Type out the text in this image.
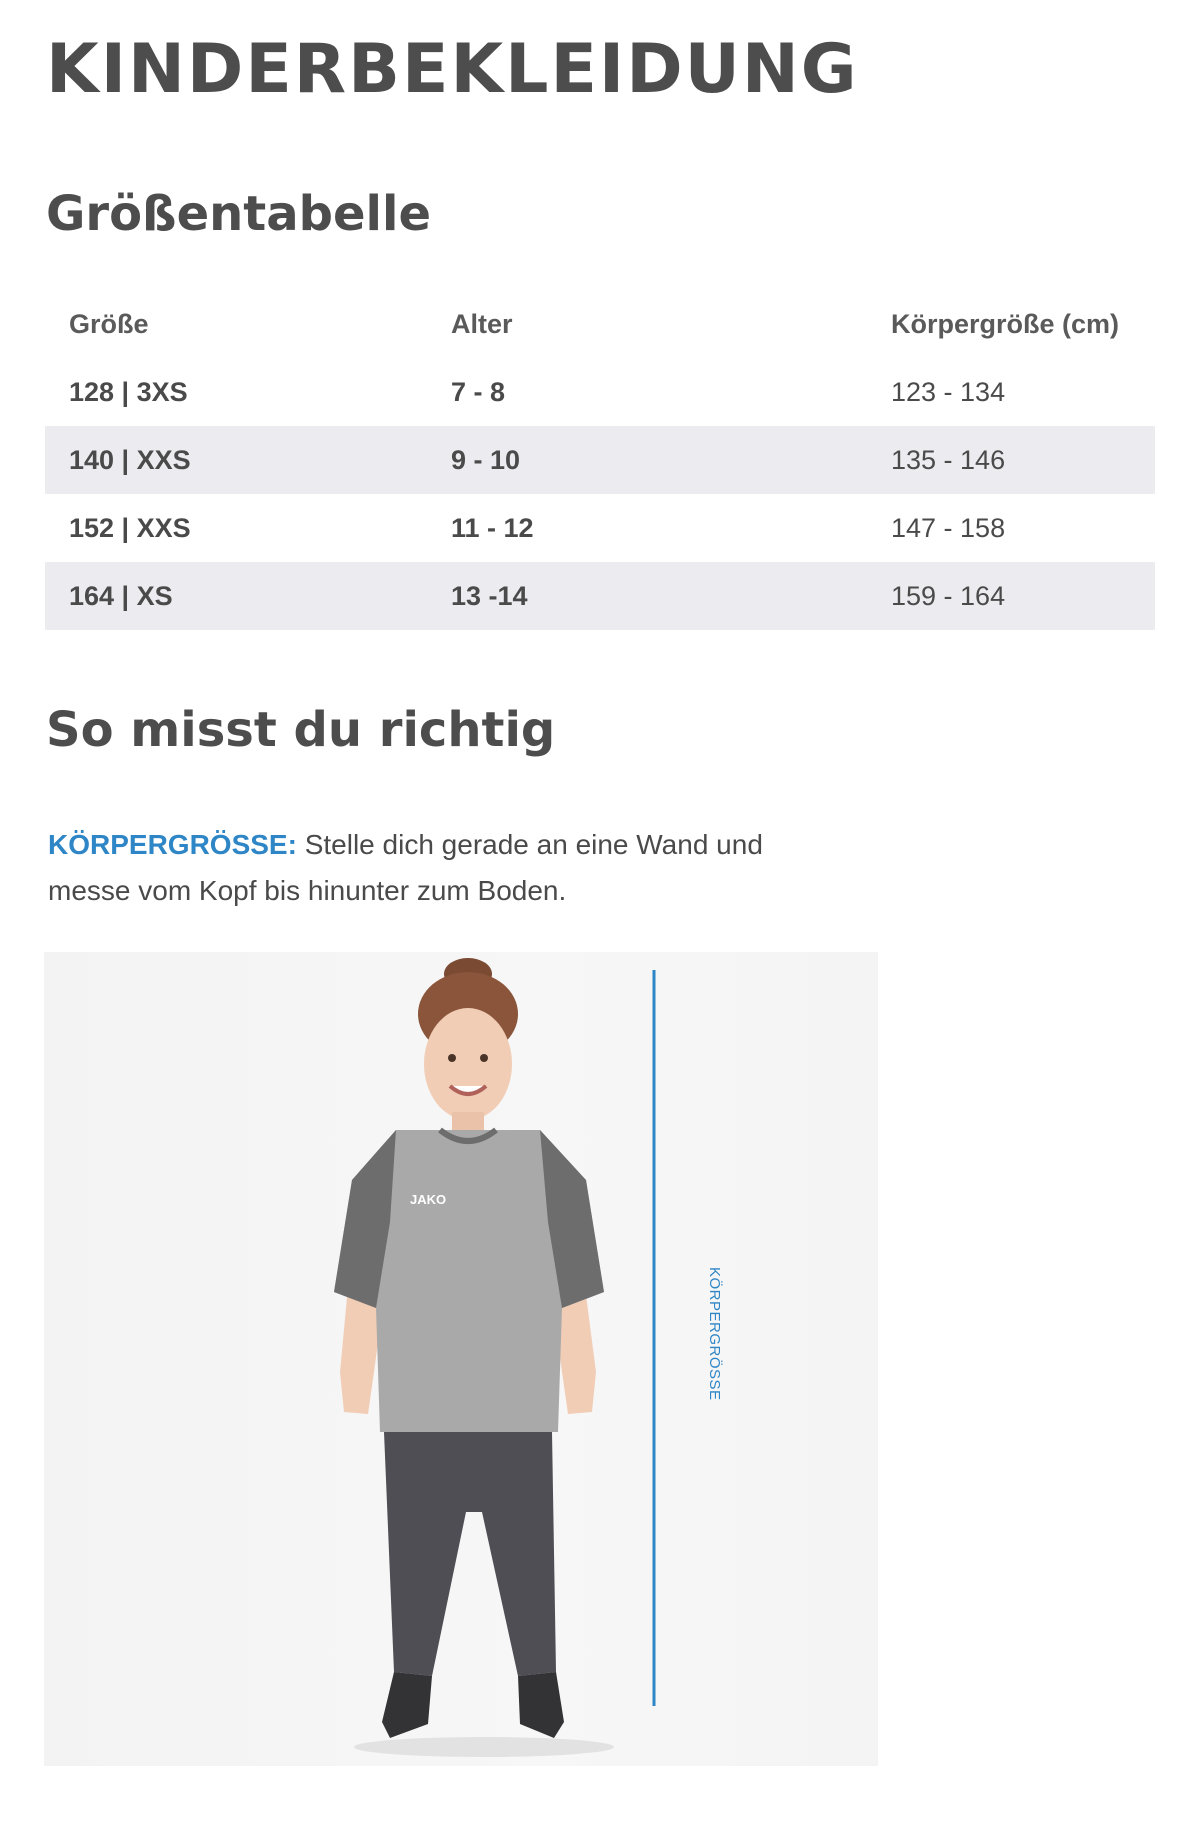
KINDERBEKLEIDUNG
Größentabelle
Größe	Alter	Körpergröße (cm)
128 | 3XS	7 - 8	123 - 134
140 | XXS	9 - 10	135 - 146
152 | XXS	11 - 12	147 - 158
164 | XS	13 -14	159 - 164
So misst du richtig

KÖRPERGRÖSSE: Stelle dich gerade an eine Wand und messe vom Kopf bis hinunter zum Boden.

JAKO
KÖRPERGRÖSSE
